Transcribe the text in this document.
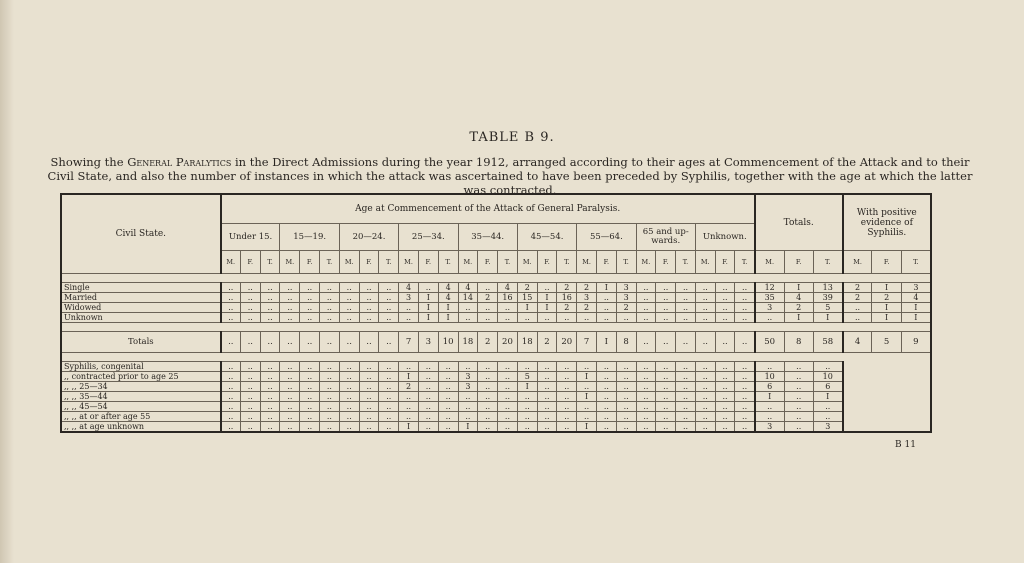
TABLE B 9.
Showing the General Paralytics in the Direct Admissions during the year 1912, arranged according to their ages at Commencement of the Attack and to their Civil State, and also the number of instances in which the attack was ascertained to have been preceded by Syphilis, together with the age at which the latter was contracted.
Civil State.	Age at Commencement of the Attack of General Paralysis.																											Totals.			With positive evidence of Syphilis.		
	Under 15.			15—19.			20—24.			25—34.			35—44.			45—54.			55—64.			65 and up-wards.			Unknown.								
	M.	F.	T.	M.	F.	T.	M.	F.	T.	M.	F.	T.	M.	F.	T.	M.	F.	T.	M.	F.	T.	M.	F.	T.	M.	F.	T.	M.	F.	T.	M.	F.	T.

Single	..	..	..	..	..	..	..	..	..	4	..	4	4	..	4	2	..	2	2	I	3	..	..	..	..	..	..	12	I	13	2	I	3
Married	..	..	..	..	..	..	..	..	..	3	I	4	14	2	16	15	I	16	3	..	3	..	..	..	..	..	..	35	4	39	2	2	4
Widowed	..	..	..	..	..	..	..	..	..	..	I	I	..	..	..	I	I	2	2	..	2	..	..	..	..	..	..	3	2	5	..	I	I
Unknown	..	..	..	..	..	..	..	..	..	..	I	I	..	..	..	..	..	..	..	..	..	..	..	..	..	..	..	..	I	I	..	I	I

Totals	..	..	..	..	..	..	..	..	..	7	3	10	18	2	20	18	2	20	7	I	8	..	..	..	..	..	..	50	8	58	4	5	9

Syphilis, congenital	..	..	..	..	..	..	..	..	..	..	..	..	..	..	..	..	..	..	..	..	..	..	..	..	..	..	..	..	..	..			
,, contracted prior to age 25	..	..	..	..	..	..	..	..	..	I	..	..	3	..	..	5	..	..	I	..	..	..	..	..	..	..	..	10	..	10			
,, ,, 25—34	..	..	..	..	..	..	..	..	..	2	..	..	3	..	..	I	..	..	..	..	..	..	..	..	..	..	..	6	..	6			
,, ,, 35—44	..	..	..	..	..	..	..	..	..	..	..	..	..	..	..	..	..	..	I	..	..	..	..	..	..	..	..	I	..	I			
,, ,, 45—54	..	..	..	..	..	..	..	..	..	..	..	..	..	..	..	..	..	..	..	..	..	..	..	..	..	..	..	..	..	..			
,, ,, at or after age 55	..	..	..	..	..	..	..	..	..	..	..	..	..	..	..	..	..	..	..	..	..	..	..	..	..	..	..	..	..	..			
,, ,, at age unknown	..	..	..	..	..	..	..	..	..	I	..	..	I	..	..	..	..	..	I	..	..	..	..	..	..	..	..	3	..	3			
B 11
